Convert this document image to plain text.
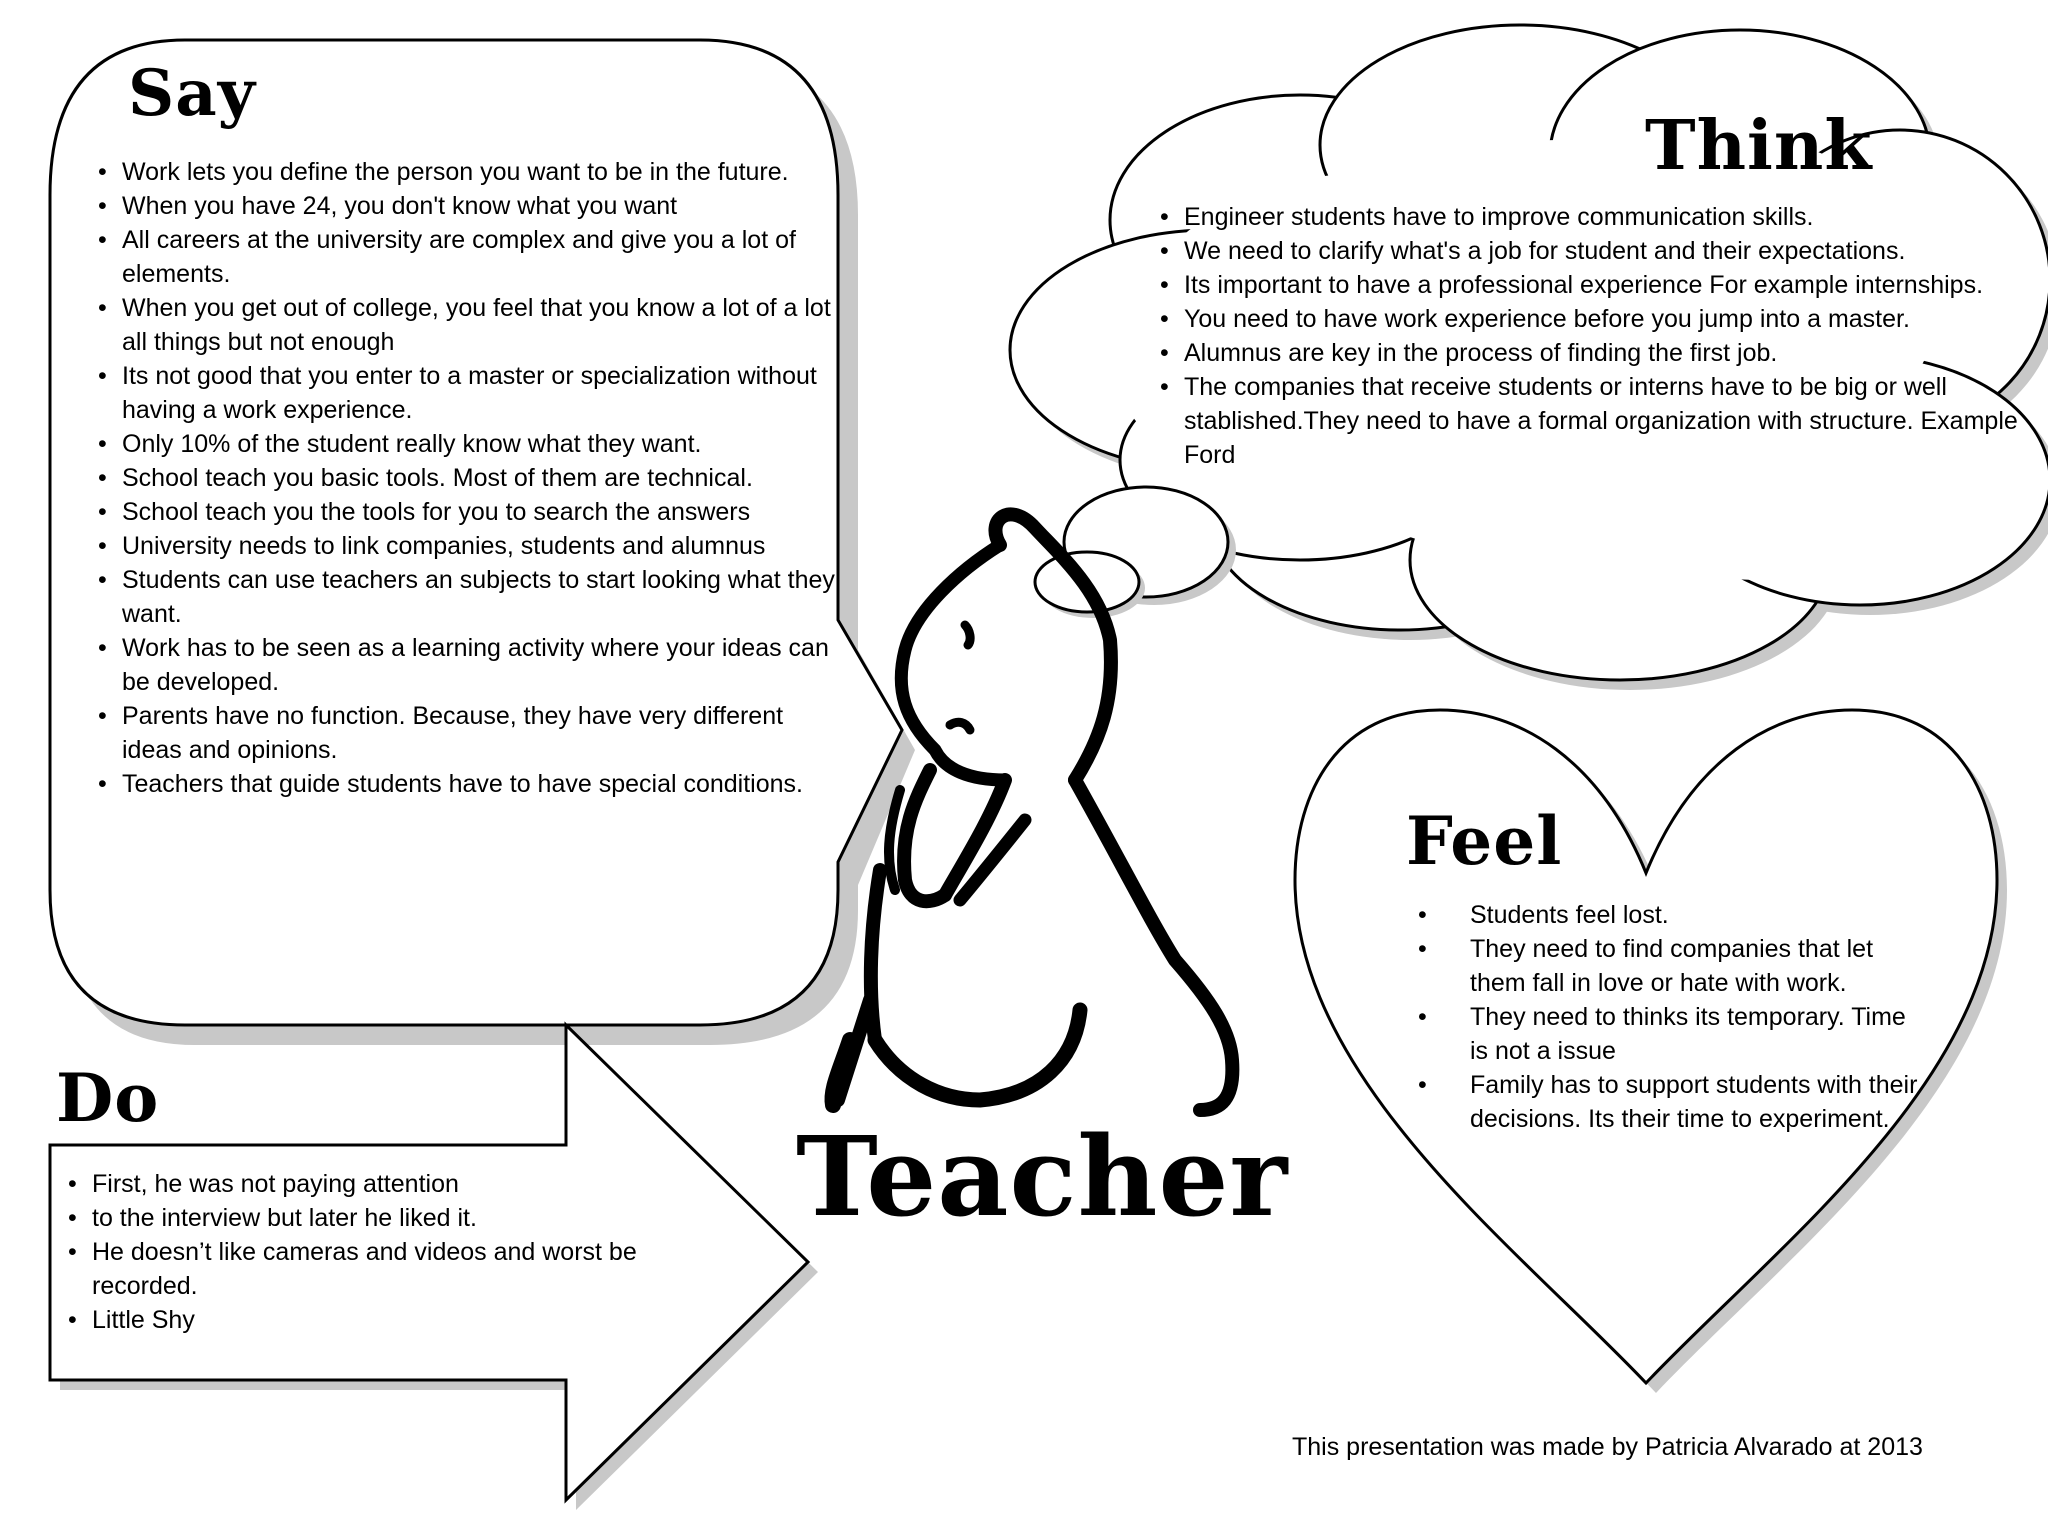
Say
• Work lets you define the person you want to be in the future.
• When you have 24, you don't know what you want
• All careers at the university are complex and give you a lot of elements.
• When you get out of college, you feel that you know a lot of a lot all things but not enough
• Its not good that you enter to a master or specialization without having a work experience.
• Only 10% of the student really know what they want.
• School teach you basic tools. Most of them are technical.
• School teach you the tools for you to search the answers
• University needs to link companies, students and alumnus
• Students can use teachers an subjects to start looking what they want.
• Work has to be seen as a learning activity where your ideas can be developed.
• Parents have no function. Because, they have very different ideas and opinions.
• Teachers that guide students have to have special conditions.
Think
• Engineer students have to improve communication skills.
• We need to clarify what's a job for student and their expectations.
• Its important to have a professional experience For example internships.
• You need to have work experience before you jump into a master.
• Alumnus are key in the process of finding the first job.
• The companies that receive students or interns have to be big or well stablished.They need to have a formal organization with structure. Example Ford
Do
• First, he was not paying attention
• to the interview but later he liked it.
• He doesn’t like cameras and videos and worst be recorded.
• Little Shy
Feel
• Students feel lost.
• They need to find companies that let them fall in love or hate with work.
• They need to thinks its temporary. Time is not a issue
• Family has to support students with their decisions. Its their time to experiment.
Teacher
This presentation was made by Patricia Alvarado at 2013
